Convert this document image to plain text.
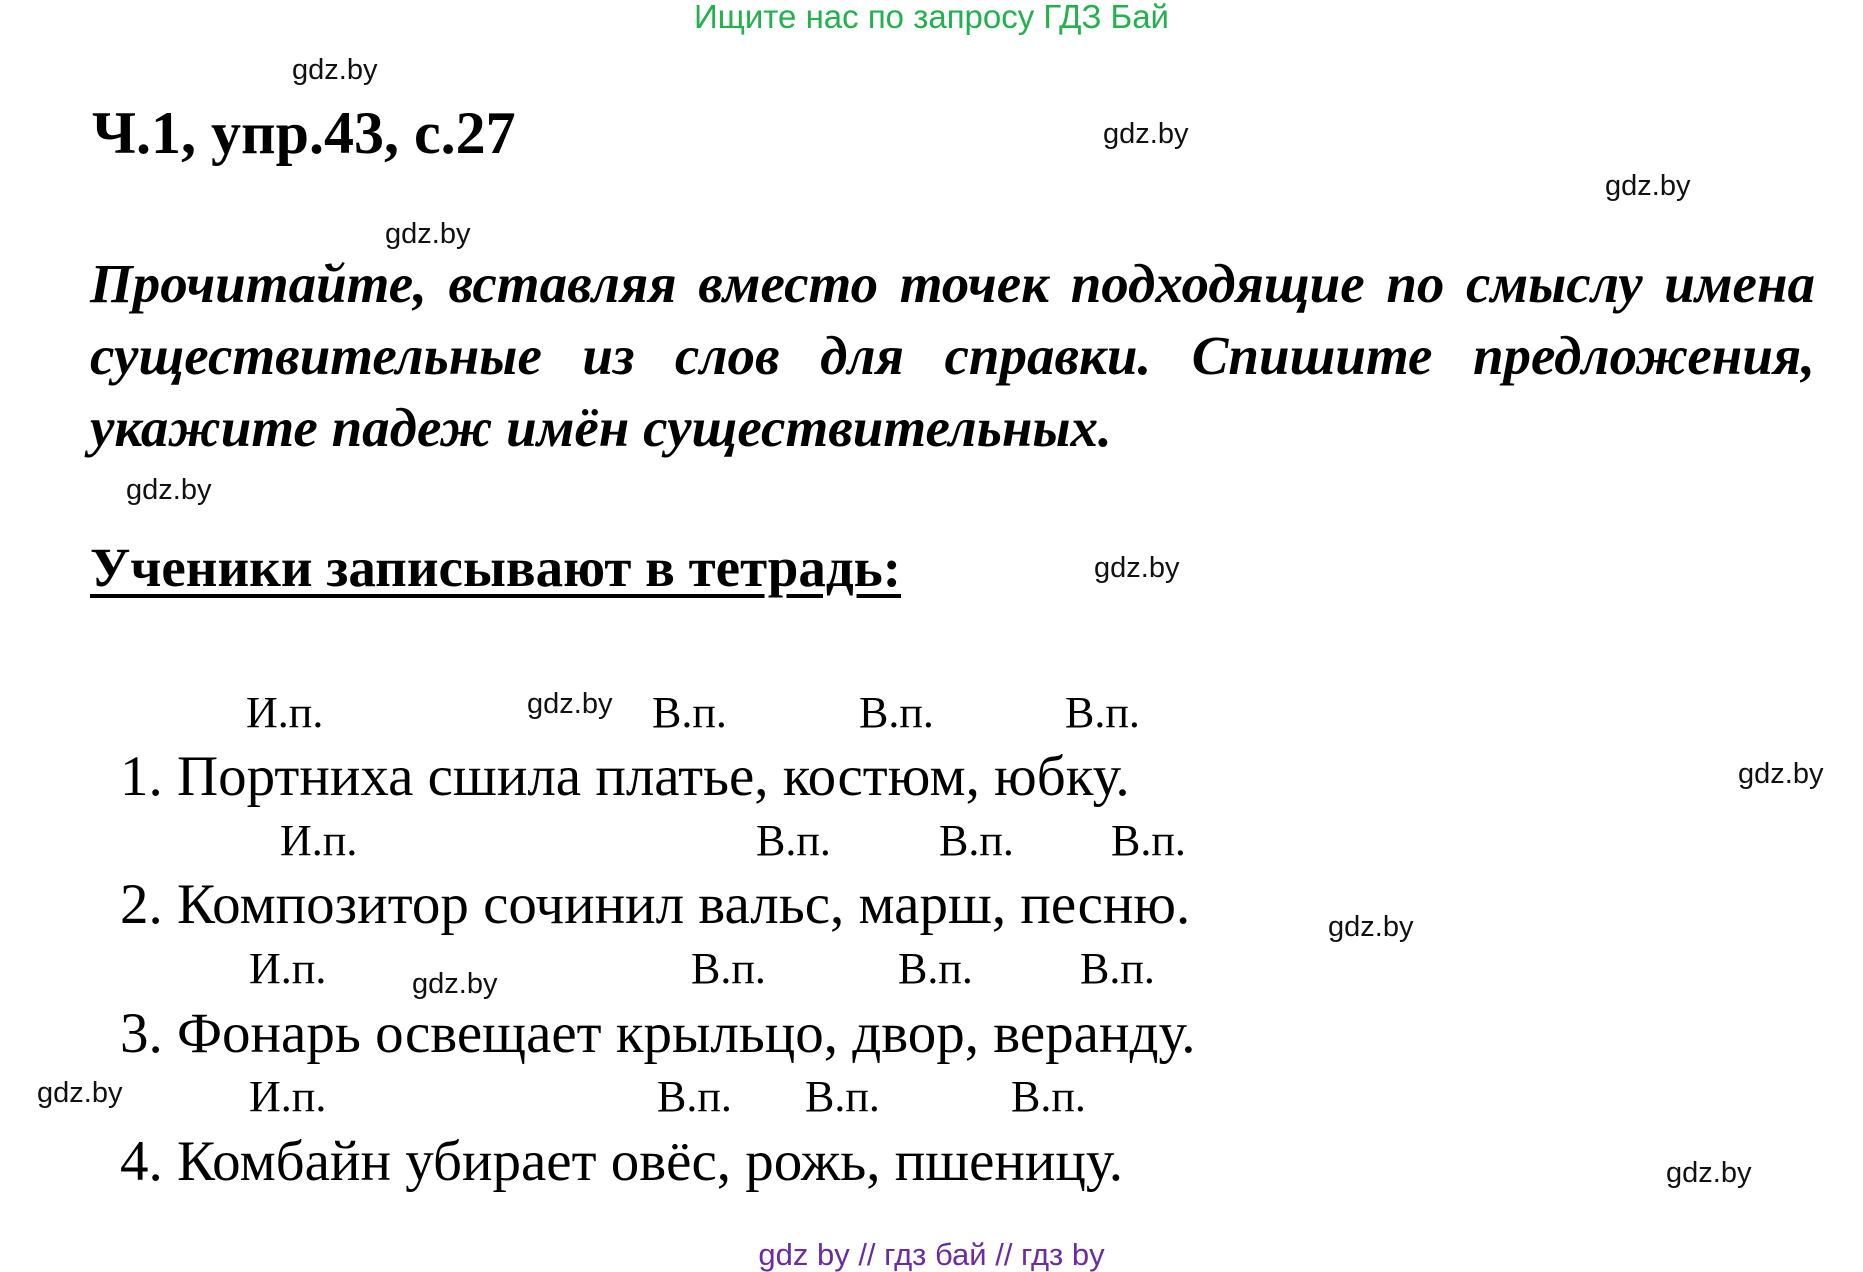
Ищите нас по запросу ГДЗ Бай
gdz.by
gdz.by
gdz.by
gdz.by
gdz.by
gdz.by
gdz.by
gdz.by
gdz.by
gdz.by
gdz.by
gdz.by
Ч.1, упр.43, с.27
Прочитайте, вставляя вместо точек подходящие по смыслу имена существительные из слов для справки. Спишите предложения, укажите падеж имён существительных.
Ученики записывают в тетрадь:
И.п.	В.п.	В.п.	В.п.
1. Портниха сшила платье, костюм, юбку.
И.п.	В.п. В.п. В.п.
2. Композитор сочинил вальс, марш, песню.
И.п.	В.п.	В.п. В.п.
3. Фонарь освещает крыльцо, двор, веранду.
И.п.	В.п. В.п.	В.п.
4. Комбайн убирает овёс, рожь, пшеницу.
gdz by // гдз бай // гдз by
